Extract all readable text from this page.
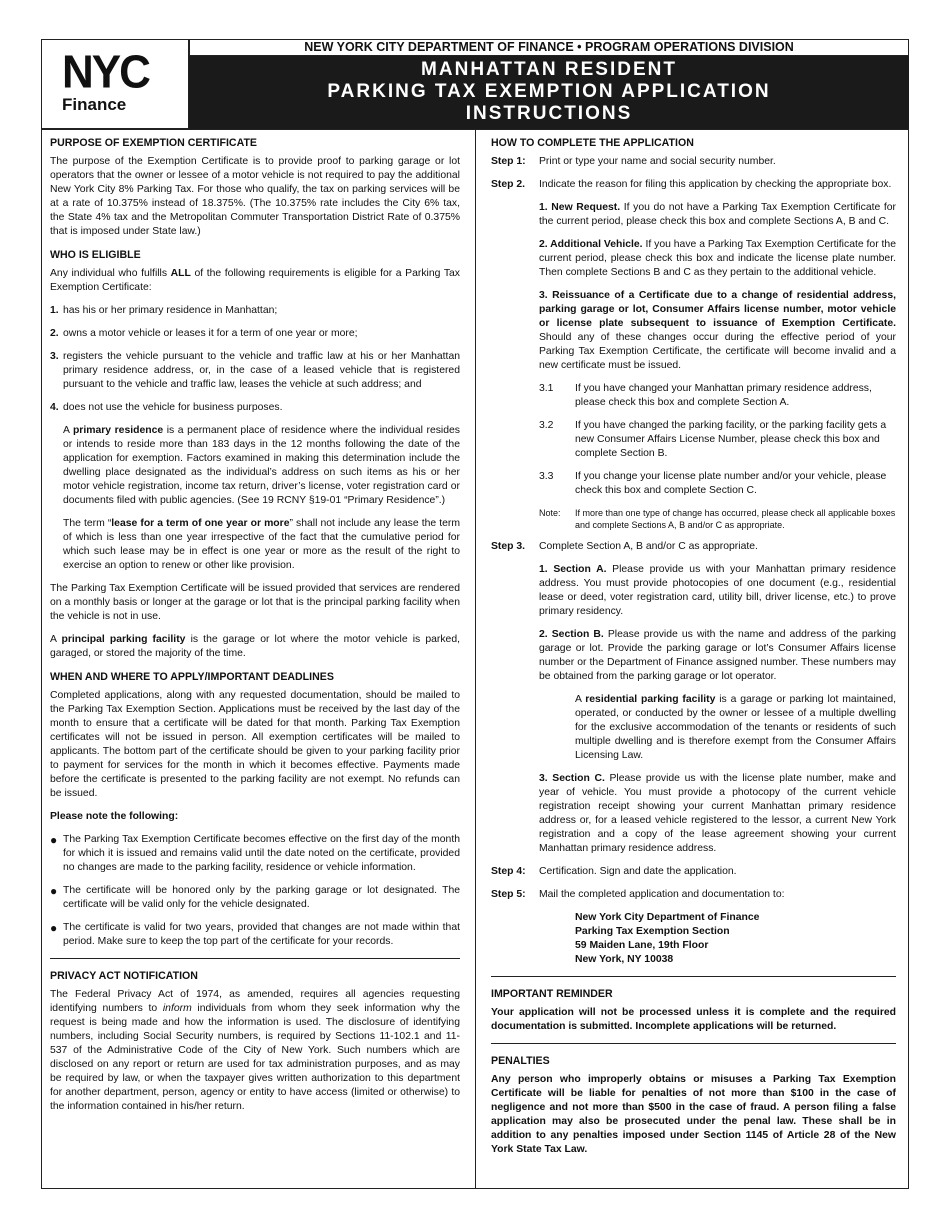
NYC
Finance
NEW YORK CITY DEPARTMENT OF FINANCE • PROGRAM OPERATIONS DIVISION
MANHATTAN RESIDENT
PARKING TAX EXEMPTION APPLICATION
INSTRUCTIONS
PURPOSE OF EXEMPTION CERTIFICATE

The purpose of the Exemption Certificate is to provide proof to parking garage or lot operators that the owner or lessee of a motor vehicle is not required to pay the additional New York City 8% Parking Tax. For those who qualify, the tax on parking services will be at a rate of 10.375% instead of 18.375%. (The 10.375% rate includes the City 6% tax, the State 4% tax and the Metropolitan Commuter Transportation District Rate of 0.375% that is imposed under State law.)

WHO IS ELIGIBLE

Any individual who fulfills ALL of the following requirements is eligible for a Parking Tax Exemption Certificate:

1. has his or her primary residence in Manhattan;
2. owns a motor vehicle or leases it for a term of one year or more;
3. registers the vehicle pursuant to the vehicle and traffic law at his or her Manhattan primary residence address, or, in the case of a leased vehicle that is registered pursuant to the vehicle and traffic law, leases the vehicle at such address; and
4. does not use the vehicle for business purposes.

A primary residence is a permanent place of residence where the individual resides or intends to reside more than 183 days in the 12 months following the date of the application for exemption. Factors examined in making this determination include the dwelling place designated as the individual’s address on such items as his or her motor vehicle registration, income tax return, driver’s license, voter registration card or documents filed with public agencies. (See 19 RCNY §19-01 “Primary Residence”.)

The term “lease for a term of one year or more” shall not include any lease the term of which is less than one year irrespective of the fact that the cumulative period for which such lease may be in effect is one year or more as the result of the right to exercise an option to renew or other like provision.

The Parking Tax Exemption Certificate will be issued provided that services are rendered on a monthly basis or longer at the garage or lot that is the principal parking facility when the vehicle is not in use.

A principal parking facility is the garage or lot where the motor vehicle is parked, garaged, or stored the majority of the time.

WHEN AND WHERE TO APPLY/IMPORTANT DEADLINES

Completed applications, along with any requested documentation, should be mailed to the Parking Tax Exemption Section. Applications must be received by the last day of the month to ensure that a certificate will be dated for that month. Parking Tax Exemption certificates will not be issued in person. All exemption certificates will be mailed to applicants. The bottom part of the certificate should be given to your parking facility prior to payment for services for the month in which it becomes effective. Payments made before the certificate is presented to the parking facility are not exempt. No refunds can be issued.

Please note the following:

● The Parking Tax Exemption Certificate becomes effective on the first day of the month for which it is issued and remains valid until the date noted on the certificate, provided no changes are made to the parking facility, residence or vehicle information.
● The certificate will be honored only by the parking garage or lot designated. The certificate will be valid only for the vehicle designated.
● The certificate is valid for two years, provided that changes are not made within that period. Make sure to keep the top part of the certificate for your records.
PRIVACY ACT NOTIFICATION

The Federal Privacy Act of 1974, as amended, requires all agencies requesting identifying numbers to inform individuals from whom they seek information why the request is being made and how the information is used. The disclosure of identifying numbers, including Social Security numbers, is required by Sections 11-102.1 and 11-537 of the Administrative Code of the City of New York. Such numbers which are disclosed on any report or return are used for tax administration purposes, and as may be required by law, or when the taxpayer gives written authorization to this department for another department, person, agency or entity to have access (limited or otherwise) to the information contained in his/her return.

HOW TO COMPLETE THE APPLICATION
Step 1:	Print or type your name and social security number.
Step 2.	Indicate the reason for filing this application by checking the appropriate box.

1. New Request. If you do not have a Parking Tax Exemption Certificate for the current period, please check this box and complete Sections A, B and C.

2. Additional Vehicle. If you have a Parking Tax Exemption Certificate for the current period, please check this box and indicate the license plate number. Then complete Sections B and C as they pertain to the additional vehicle.

3. Reissuance of a Certificate due to a change of residential address, parking garage or lot, Consumer Affairs license number, motor vehicle or license plate subsequent to issuance of Exemption Certificate. Should any of these changes occur during the effective period of your Parking Tax Exemption Certificate, the certificate will become invalid and a new certificate must be issued.

3.1	If you have changed your Manhattan primary residence address, please check this box and complete Section A.
3.2	If you have changed the parking facility, or the parking facility gets a new Consumer Affairs License Number, please check this box and complete Section B.
3.3	If you change your license plate number and/or your vehicle, please check this box and complete Section C.
Note:	If more than one type of change has occurred, please check all applicable boxes and complete Sections A, B and/or C as appropriate.
Step 3.	Complete Section A, B and/or C as appropriate.

1. Section A. Please provide us with your Manhattan primary residence address. You must provide photocopies of one document (e.g., residential lease or deed, voter registration card, utility bill, driver license, etc.) to prove primary residency.

2. Section B. Please provide us with the name and address of the parking garage or lot. Provide the parking garage or lot’s Consumer Affairs license number or the Department of Finance assigned number. These numbers may be obtained from the parking garage or lot operator.

A residential parking facility is a garage or parking lot maintained, operated, or conducted by the owner or lessee of a multiple dwelling for the exclusive accommodation of the tenants or residents of such multiple dwelling and is therefore exempt from the Consumer Affairs Licensing Law.

3. Section C. Please provide us with the license plate number, make and year of vehicle. You must provide a photocopy of the current vehicle registration receipt showing your current Manhattan primary residence address or, for a leased vehicle registered to the lessor, a current New York registration and a copy of the lease agreement showing your current Manhattan primary residence address.

Step 4:	Certification. Sign and date the application.
Step 5:	Mail the completed application and documentation to:
New York City Department of Finance
Parking Tax Exemption Section
59 Maiden Lane, 19th Floor
New York, NY 10038
IMPORTANT REMINDER

Your application will not be processed unless it is complete and the required documentation is submitted. Incomplete applications will be returned.

PENALTIES

Any person who improperly obtains or misuses a Parking Tax Exemption Certificate will be liable for penalties of not more than $100 in the case of negligence and not more than $500 in the case of fraud. A person filing a false application may also be prosecuted under the penal law. These shall be in addition to any penalties imposed under Section 1145 of Article 28 of the New York State Tax Law.
